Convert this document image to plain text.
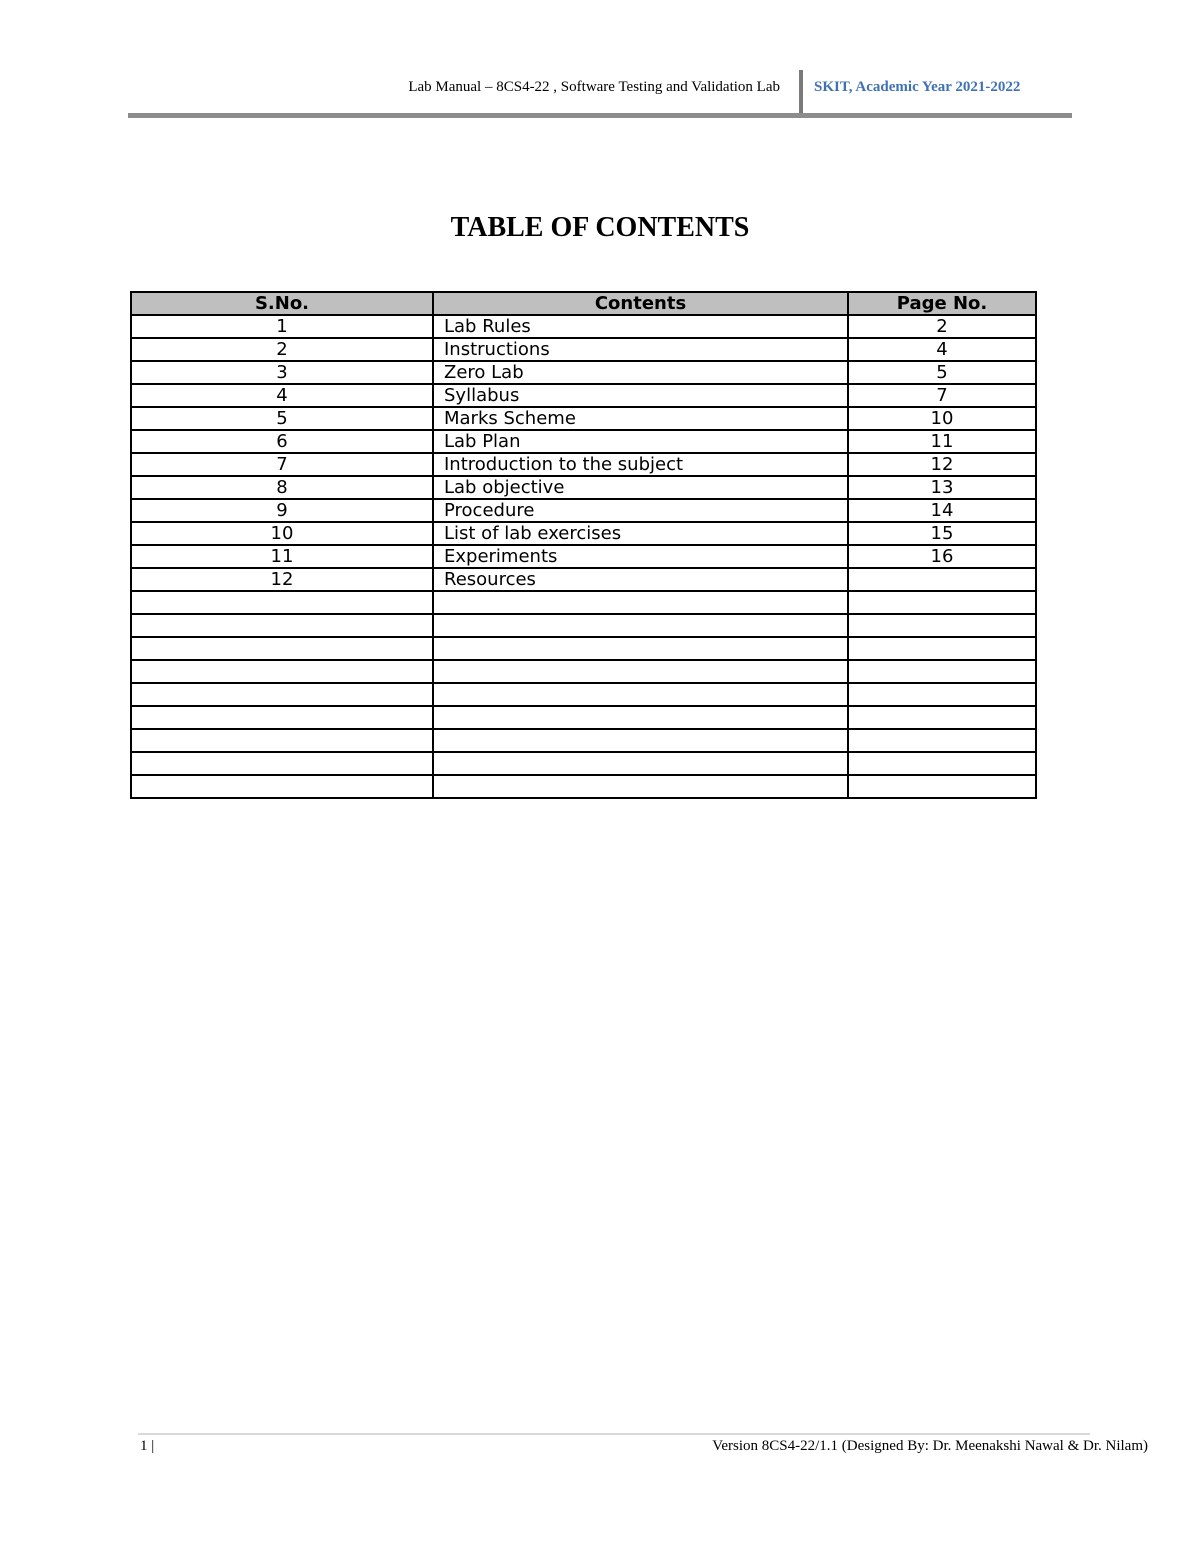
Lab Manual – 8CS4-22 , Software Testing and Validation Lab SKIT, Academic Year 2021-2022
TABLE OF CONTENTS
S.No.	Contents	Page No.
1	Lab Rules	2
2	Instructions	4
3	Zero Lab	5
4	Syllabus	7
5	Marks Scheme	10
6	Lab Plan	11
7	Introduction to the subject	12
8	Lab objective	13
9	Procedure	14
10	List of lab exercises	15
11	Experiments	16
12	Resources	

1 |	Version 8CS4-22/1.1 (Designed By: Dr. Meenakshi Nawal & Dr. Nilam)
